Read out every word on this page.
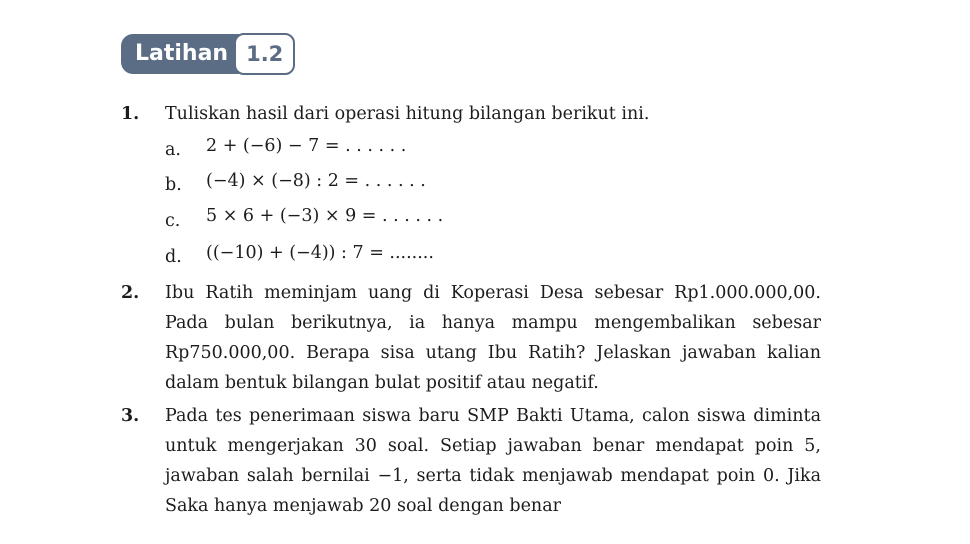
Latihan 1.2
1. Tuliskan hasil dari operasi hitung bilangan berikut ini.
a. 2 + (−6) − 7 = . . . . . .
b. (−4) × (−8) : 2 = . . . . . .
c. 5 × 6 + (−3) × 9 = . . . . . .
d. ((−10) + (−4)) : 7 = ........
2. Ibu Ratih meminjam uang di Koperasi Desa sebesar Rp1.000.000,00. Pada bulan berikutnya, ia hanya mampu mengembalikan sebesar Rp750.000,00. Berapa sisa utang Ibu Ratih? Jelaskan jawaban kalian dalam bentuk bilangan bulat positif atau negatif.
3. Pada tes penerimaan siswa baru SMP Bakti Utama, calon siswa diminta untuk mengerjakan 30 soal. Setiap jawaban benar mendapat poin 5, jawaban salah bernilai −1, serta tidak menjawab mendapat poin 0. Jika Saka hanya menjawab 20 soal dengan benar
